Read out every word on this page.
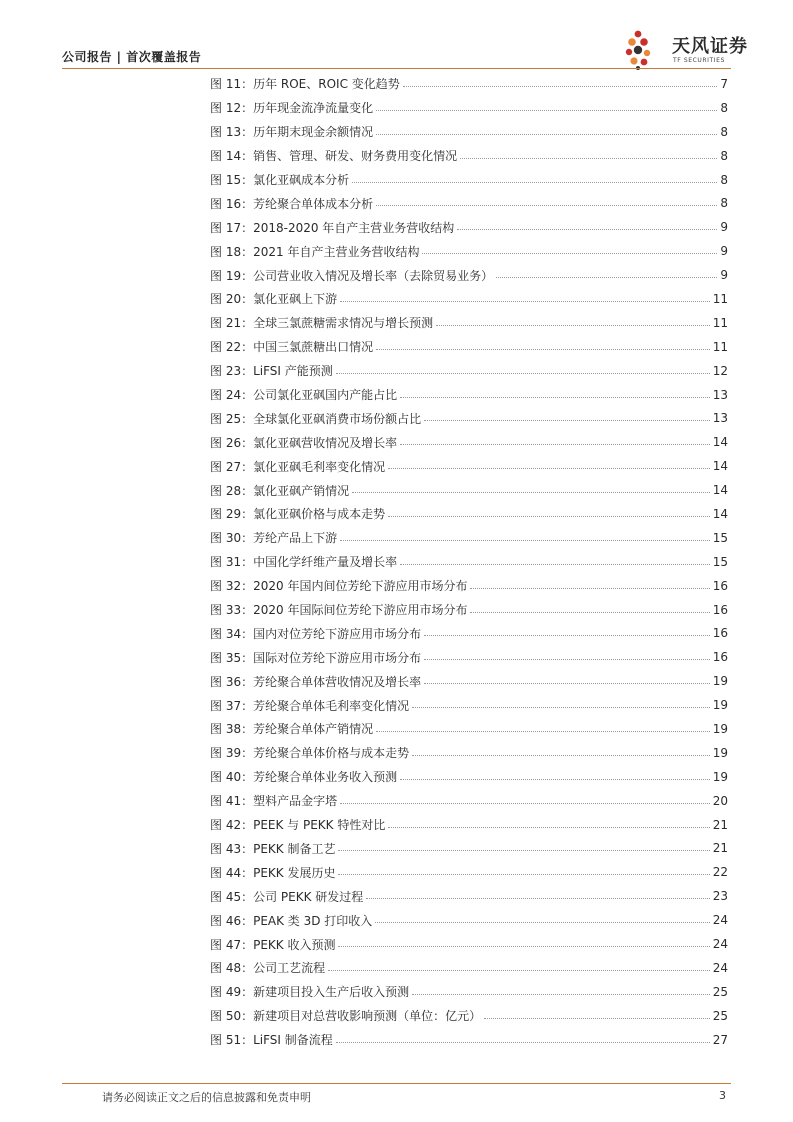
公司报告 | 首次覆盖报告	天风证券
TF SECURITIES
图 11：历年 ROE、ROIC 变化趋势	7
图 12：历年现金流净流量变化	8
图 13：历年期末现金余额情况	8
图 14：销售、管理、研发、财务费用变化情况	8
图 15：氯化亚砜成本分析	8
图 16：芳纶聚合单体成本分析	8
图 17：2018-2020 年自产主营业务营收结构	9
图 18：2021 年自产主营业务营收结构	9
图 19：公司营业收入情况及增长率（去除贸易业务）	9
图 20：氯化亚砜上下游	11
图 21：全球三氯蔗糖需求情况与增长预测	11
图 22：中国三氯蔗糖出口情况	11
图 23：LiFSI 产能预测	12
图 24：公司氯化亚砜国内产能占比	13
图 25：全球氯化亚砜消费市场份额占比	13
图 26：氯化亚砜营收情况及增长率	14
图 27：氯化亚砜毛利率变化情况	14
图 28：氯化亚砜产销情况	14
图 29：氯化亚砜价格与成本走势	14
图 30：芳纶产品上下游	15
图 31：中国化学纤维产量及增长率	15
图 32：2020 年国内间位芳纶下游应用市场分布	16
图 33：2020 年国际间位芳纶下游应用市场分布	16
图 34：国内对位芳纶下游应用市场分布	16
图 35：国际对位芳纶下游应用市场分布	16
图 36：芳纶聚合单体营收情况及增长率	19
图 37：芳纶聚合单体毛利率变化情况	19
图 38：芳纶聚合单体产销情况	19
图 39：芳纶聚合单体价格与成本走势	19
图 40：芳纶聚合单体业务收入预测	19
图 41：塑料产品金字塔	20
图 42：PEEK 与 PEKK 特性对比	21
图 43：PEKK 制备工艺	21
图 44：PEKK 发展历史	22
图 45：公司 PEKK 研发过程	23
图 46：PEAK 类 3D 打印收入	24
图 47：PEKK 收入预测	24
图 48：公司工艺流程	24
图 49：新建项目投入生产后收入预测	25
图 50：新建项目对总营收影响预测（单位：亿元）	25
图 51：LiFSI 制备流程	27
请务必阅读正文之后的信息披露和免责申明	3
